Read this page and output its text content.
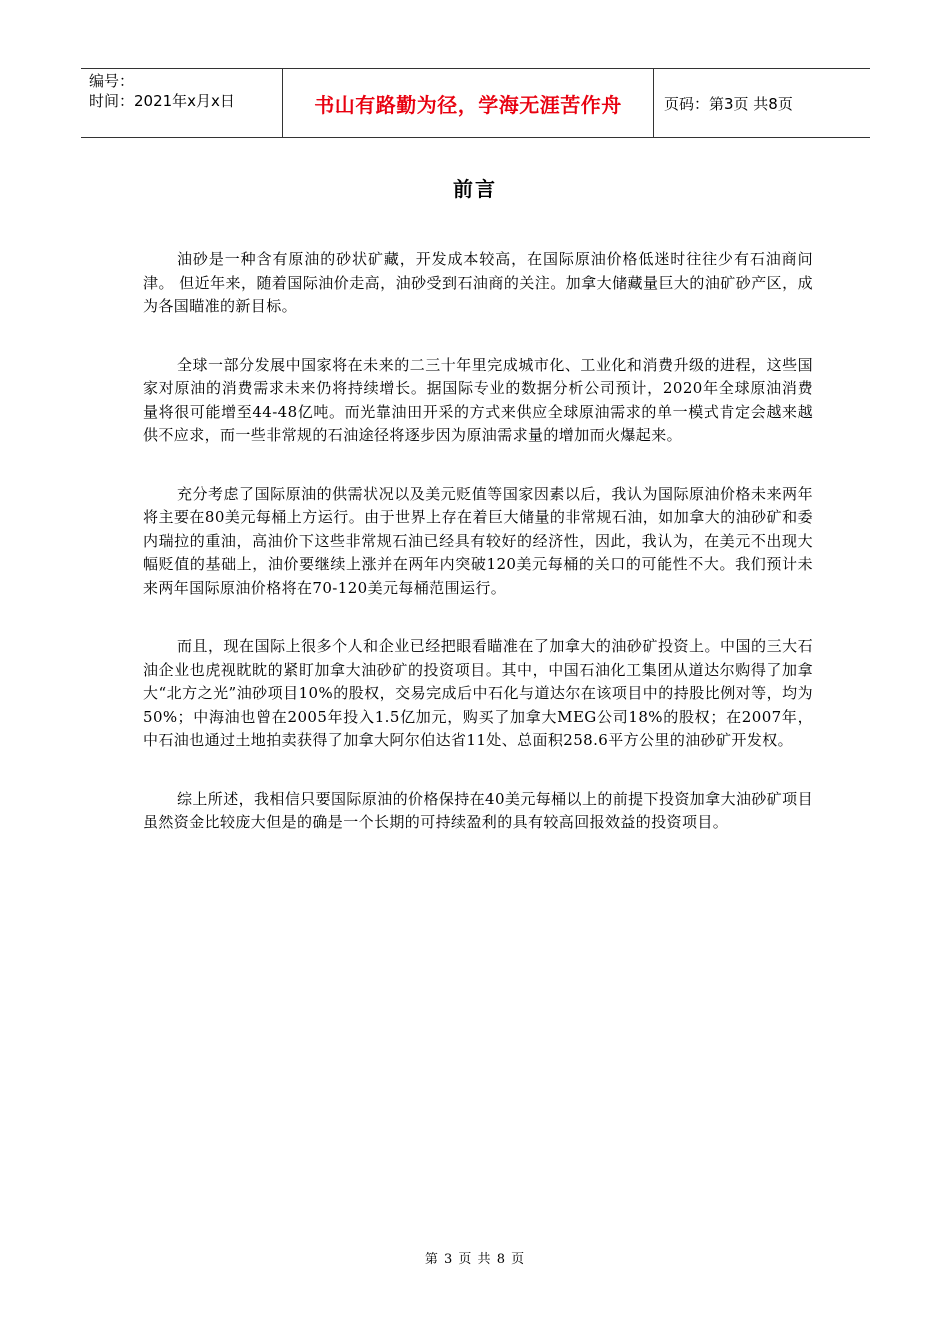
编号：
时间：2021年x月x日	书山有路勤为径，学海无涯苦作舟	页码：第3页 共8页
前言

油砂是一种含有原油的砂状矿藏，开发成本较高，在国际原油价格低迷时往往少有石油商问津。 但近年来，随着国际油价走高，油砂受到石油商的关注。加拿大储藏量巨大的油矿砂产区，成为各国瞄准的新目标。

全球一部分发展中国家将在未来的二三十年里完成城市化、工业化和消费升级的进程，这些国家对原油的消费需求未来仍将持续增长。据国际专业的数据分析公司预计，2020年全球原油消费量将很可能增至44-48亿吨。而光靠油田开采的方式来供应全球原油需求的单一模式肯定会越来越供不应求，而一些非常规的石油途径将逐步因为原油需求量的增加而火爆起来。

充分考虑了国际原油的供需状况以及美元贬值等国家因素以后，我认为国际原油价格未来两年将主要在80美元每桶上方运行。由于世界上存在着巨大储量的非常规石油，如加拿大的油砂矿和委内瑞拉的重油，高油价下这些非常规石油已经具有较好的经济性，因此，我认为，在美元不出现大幅贬值的基础上，油价要继续上涨并在两年内突破120美元每桶的关口的可能性不大。我们预计未来两年国际原油价格将在70-120美元每桶范围运行。

而且，现在国际上很多个人和企业已经把眼看瞄准在了加拿大的油砂矿投资上。中国的三大石油企业也虎视眈眈的紧盯加拿大油砂矿的投资项目。其中，中国石油化工集团从道达尔购得了加拿大“北方之光”油砂项目10%的股权，交易完成后中石化与道达尔在该项目中的持股比例对等，均为50%；中海油也曾在2005年投入1.5亿加元，购买了加拿大MEG公司18%的股权；在2007年，中石油也通过土地拍卖获得了加拿大阿尔伯达省11处、总面积258.6平方公里的油砂矿开发权。

综上所述，我相信只要国际原油的价格保持在40美元每桶以上的前提下投资加拿大油砂矿项目虽然资金比较庞大但是的确是一个长期的可持续盈利的具有较高回报效益的投资项目。

第 3 页 共 8 页
